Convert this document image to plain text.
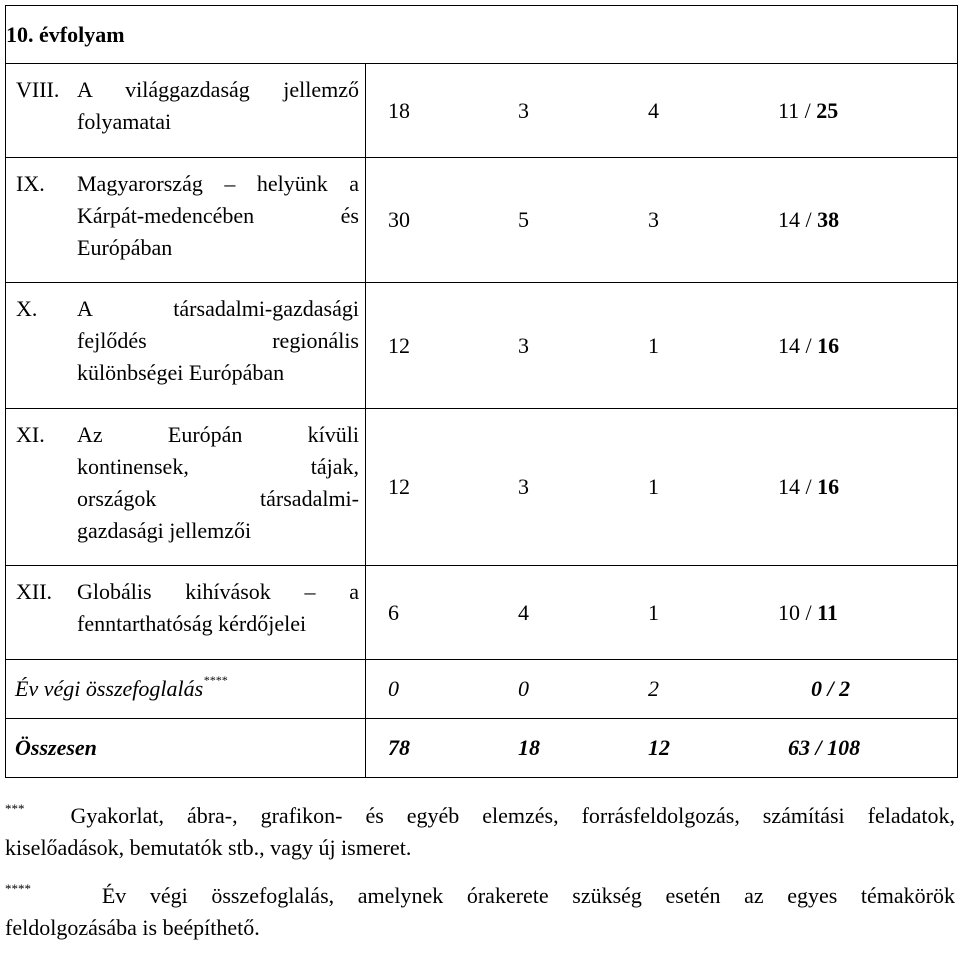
10. évfolyam	

VIII. A világgazdaság jellemző
folyamatai	18 3 4 11 / 25

IX. Magyarország – helyünk a
Kárpát-medencében és
Európában	30 5 3 14 / 38

X. A társadalmi-gazdasági
fejlődés regionális
különbségei Európában	12 3 1 14 / 16

XI. Az Európán kívüli
kontinensek, tájak,
országok társadalmi-
gazdasági jellemzői	12 3 1 14 / 16

XII. Globális kihívások – a
fenntarthatóság kérdőjelei	6 4 1 10 / 11

Év végi összefoglalás****	0 0 2 0 / 2

Összesen	78 18 12 63 / 108
*** Gyakorlat, ábra-, grafikon- és egyéb elemzés, forrásfeldolgozás, számítási feladatok,
kiselőadások, bemutatók stb., vagy új ismeret.
****	Év végi összefoglalás, amelynek órakerete szükség esetén az egyes témakörök
feldolgozásába is beépíthető.
